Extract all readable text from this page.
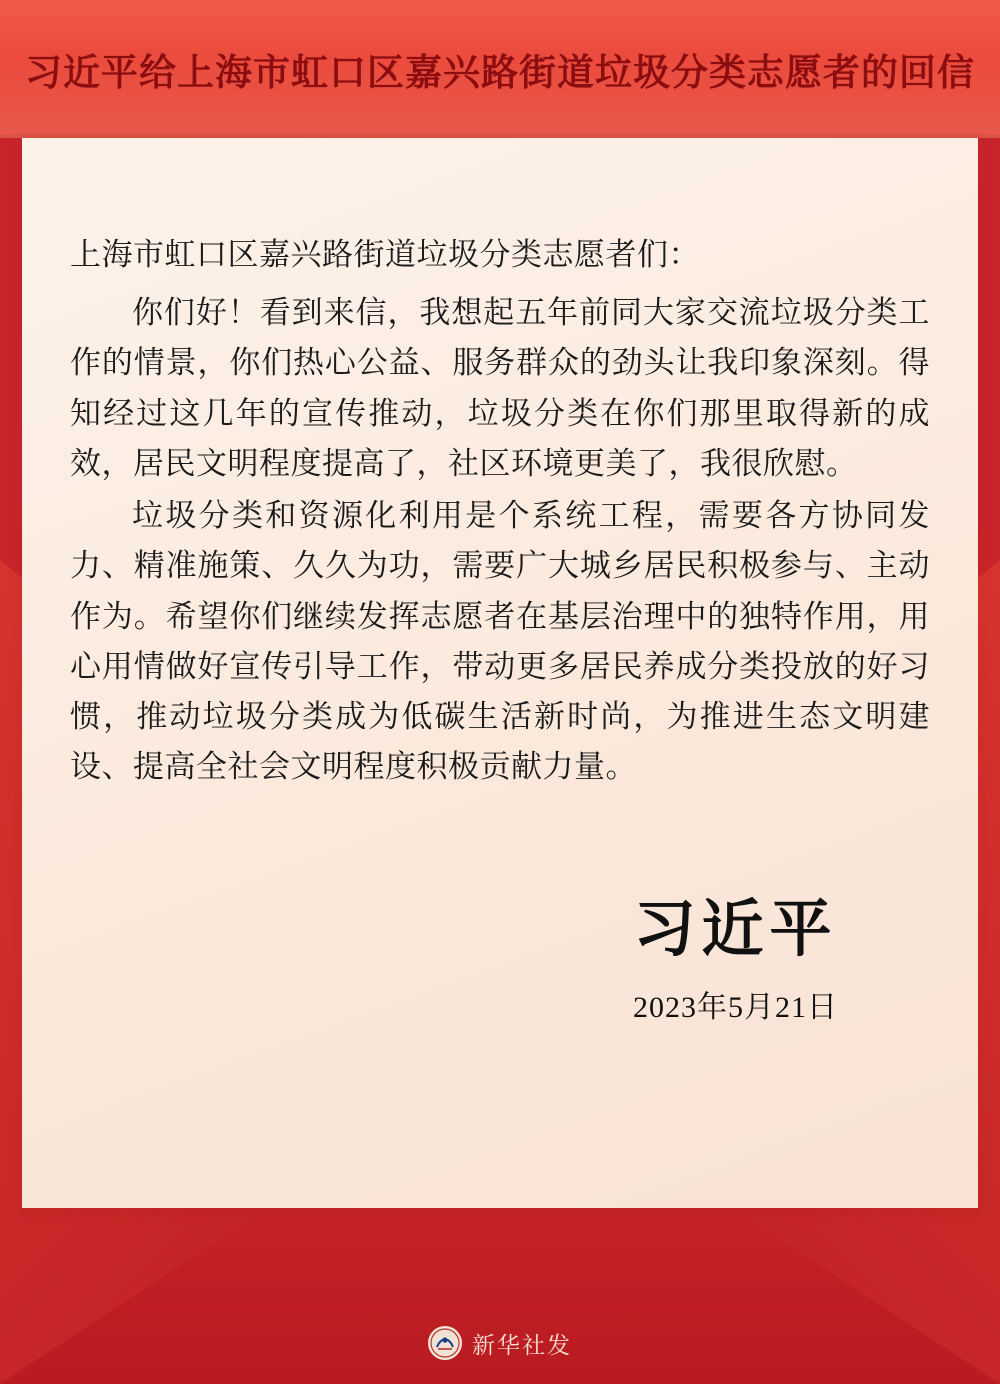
习近平给上海市虹口区嘉兴路街道垃圾分类志愿者的回信

上海市虹口区嘉兴路街道垃圾分类志愿者们：

你们好！看到来信，我想起五年前同大家交流垃圾分类工作的情景，你们热心公益、服务群众的劲头让我印象深刻。得知经过这几年的宣传推动，垃圾分类在你们那里取得新的成效，居民文明程度提高了，社区环境更美了，我很欣慰。

垃圾分类和资源化利用是个系统工程，需要各方协同发力、精准施策、久久为功，需要广大城乡居民积极参与、主动作为。希望你们继续发挥志愿者在基层治理中的独特作用，用心用情做好宣传引导工作，带动更多居民养成分类投放的好习惯，推动垃圾分类成为低碳生活新时尚，为推进生态文明建设、提高全社会文明程度积极贡献力量。

习近平
2023年5月21日
新华社发
